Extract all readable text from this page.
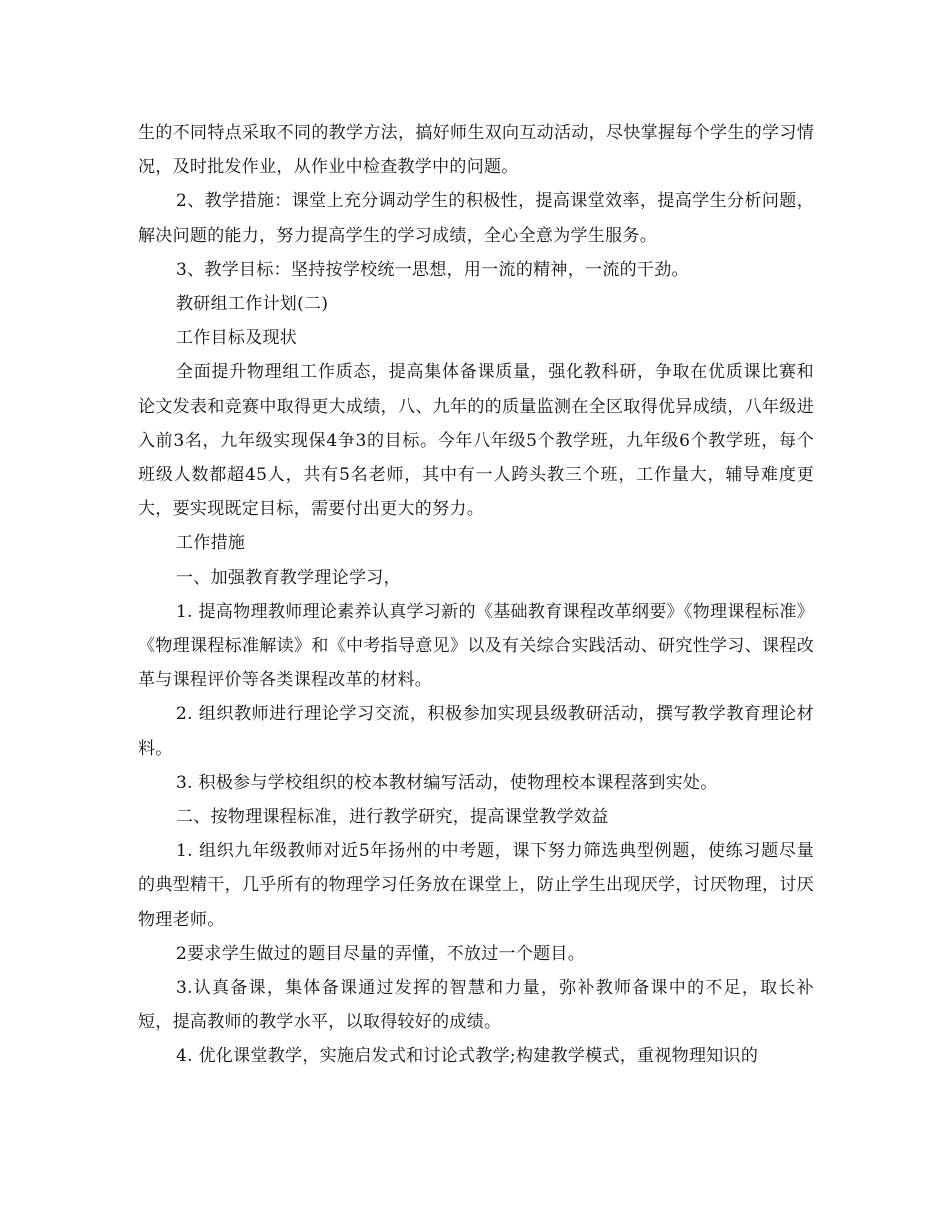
生的不同特点采取不同的教学方法，搞好师生双向互动活动，尽快掌握每个学生的学习情况，及时批发作业，从作业中检查教学中的问题。

2、教学措施：课堂上充分调动学生的积极性，提高课堂效率，提高学生分析问题，解决问题的能力，努力提高学生的学习成绩，全心全意为学生服务。

3、教学目标：坚持按学校统一思想，用一流的精神，一流的干劲。

教研组工作计划(二)

工作目标及现状

全面提升物理组工作质态，提高集体备课质量，强化教科研，争取在优质课比赛和论文发表和竞赛中取得更大成绩，八、九年的的质量监测在全区取得优异成绩，八年级进入前3名，九年级实现保4争3的目标。今年八年级5个教学班，九年级6个教学班，每个班级人数都超45人，共有5名老师，其中有一人跨头教三个班，工作量大，辅导难度更大，要实现既定目标，需要付出更大的努力。

工作措施

一、加强教育教学理论学习，

1. 提高物理教师理论素养认真学习新的《基础教育课程改革纲要》《物理课程标准》《物理课程标准解读》和《中考指导意见》以及有关综合实践活动、研究性学习、课程改革与课程评价等各类课程改革的材料。

2. 组织教师进行理论学习交流，积极参加实现县级教研活动，撰写教学教育理论材料。

3. 积极参与学校组织的校本教材编写活动，使物理校本课程落到实处。

二、按物理课程标准，进行教学研究，提高课堂教学效益

1. 组织九年级教师对近5年扬州的中考题，课下努力筛选典型例题，使练习题尽量的典型精干，几乎所有的物理学习任务放在课堂上，防止学生出现厌学，讨厌物理，讨厌物理老师。

2要求学生做过的题目尽量的弄懂，不放过一个题目。

3.认真备课，集体备课通过发挥的智慧和力量，弥补教师备课中的不足，取长补短，提高教师的教学水平，以取得较好的成绩。

4. 优化课堂教学，实施启发式和讨论式教学;构建教学模式，重视物理知识的
